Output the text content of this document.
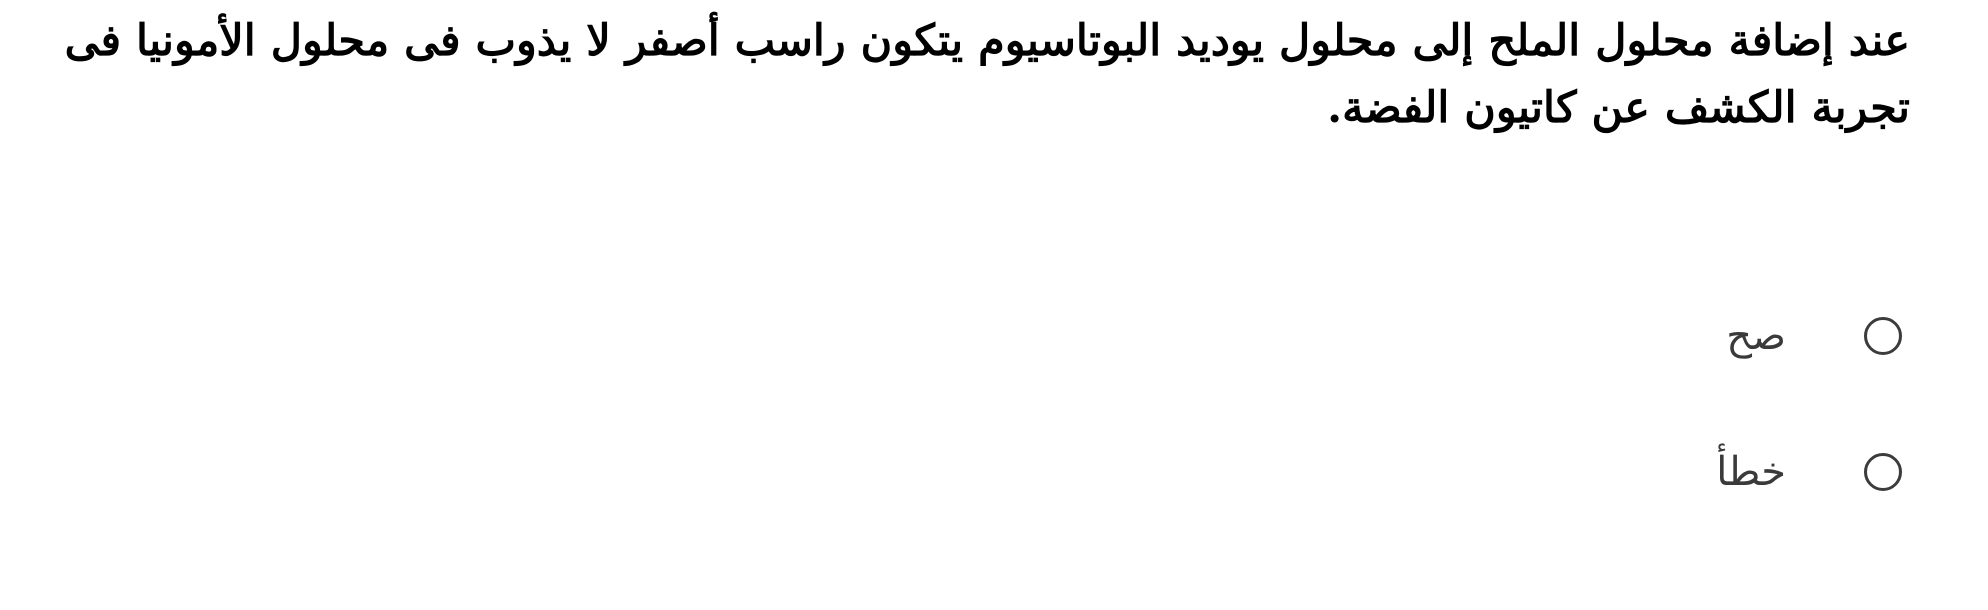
عند إضافة محلول الملح إلى محلول يوديد البوتاسيوم يتكون راسب أصفر لا يذوب فى محلول الأمونيا فى تجربة الكشف عن كاتيون الفضة.

صح
خطأ
